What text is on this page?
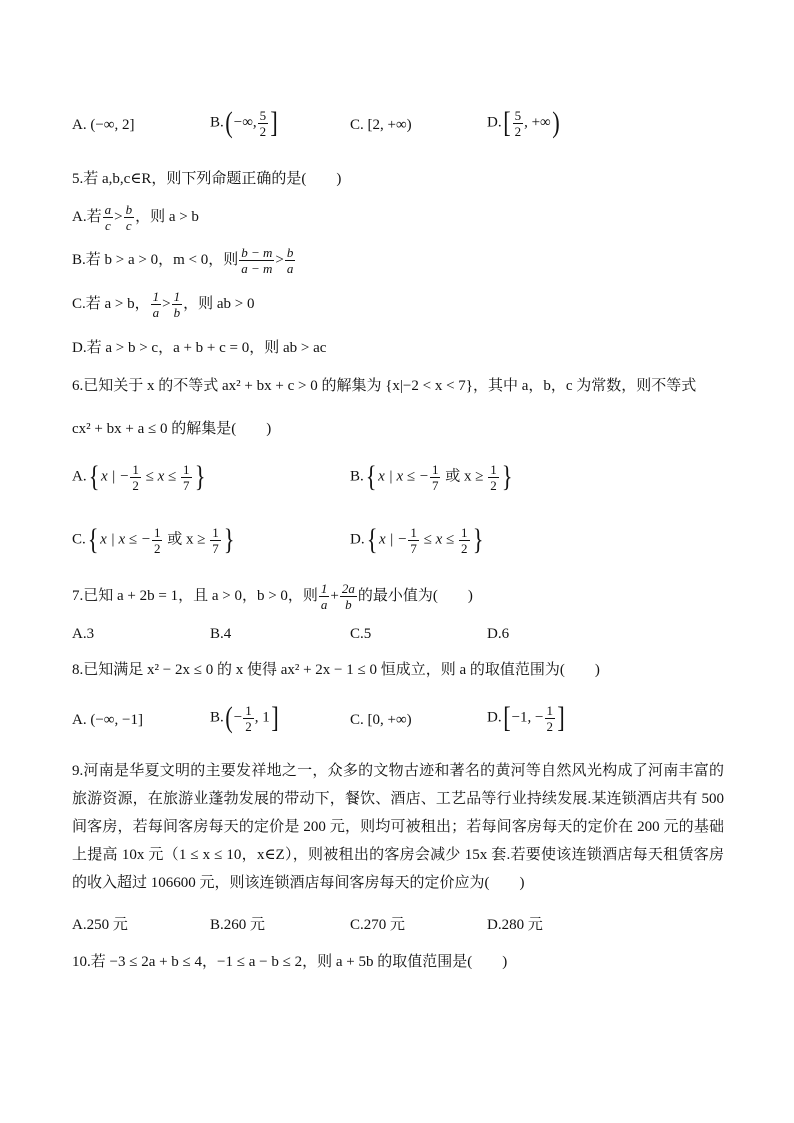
A. (−∞, 2]	B.(−∞, $\frac{5}{2}$ ]	C. [2, +∞)	$D.[ \frac{5}{2}$ , +∞)
5.若 a,b,c∈R，则下列命题正确的是(　　)
A.若 $\frac{a}{c} > \frac{b}{c}$ ，则 a > b
B.若 b > a > 0，m < 0，则 $\frac{b - m}{a - m} > \frac{b}{a}$
C.若 a > b， $\frac{1}{a} > \frac{1}{b}$ ，则 ab > 0
D.若 a > b > c，a + b + c = 0，则 ab > ac
6.已知关于 x 的不等式 ax² + bx + c > 0 的解集为 {x|−2 < x < 7}，其中 a，b，c 为常数，则不等式
cx² + bx + a ≤ 0 的解集是(　　)
A.{ x | − $\frac{1}{2} \le x \le \frac{1}{7}$ }	B.{ x | x ≤ − $\frac{1}{7}$ 或 $x \ge \frac{1}{2}$ }
C.{ x | x ≤ − $\frac{1}{2}$ 或 $x \ge \frac{1}{7}$ }	D.{ x | − $\frac{1}{7} \le x \le \frac{1}{2}$ }
7.已知 a + 2b = 1，且 a > 0，b > 0，则 $\frac{1}{a} + \frac{2a}{b}$ 的最小值为(　　)
A.3	B.4	C.5	D.6
8.已知满足 x² − 2x ≤ 0 的 x 使得 ax² + 2x − 1 ≤ 0 恒成立，则 a 的取值范围为(　　)
A. (−∞, −1]	$B.(- \frac{1}{2}$ , 1]	C. [0, +∞)	D.[−1, − $\frac{1}{2}$ ]
9.河南是华夏文明的主要发祥地之一，众多的文物古迹和著名的黄河等自然风光构成了河南丰富的旅游资源，在旅游业蓬勃发展的带动下，餐饮、酒店、工艺品等行业持续发展.某连锁酒店共有 500 间客房，若每间客房每天的定价是 200 元，则均可被租出；若每间客房每天的定价在 200 元的基础上提高 10x 元（1 ≤ x ≤ 10，x∈Z），则被租出的客房会减少 15x 套.若要使该连锁酒店每天租赁客房的收入超过 106600 元，则该连锁酒店每间客房每天的定价应为(　　)
A.250 元	B.260 元	C.270 元	D.280 元
10.若 −3 ≤ 2a + b ≤ 4，−1 ≤ a − b ≤ 2，则 a + 5b 的取值范围是(　　)
